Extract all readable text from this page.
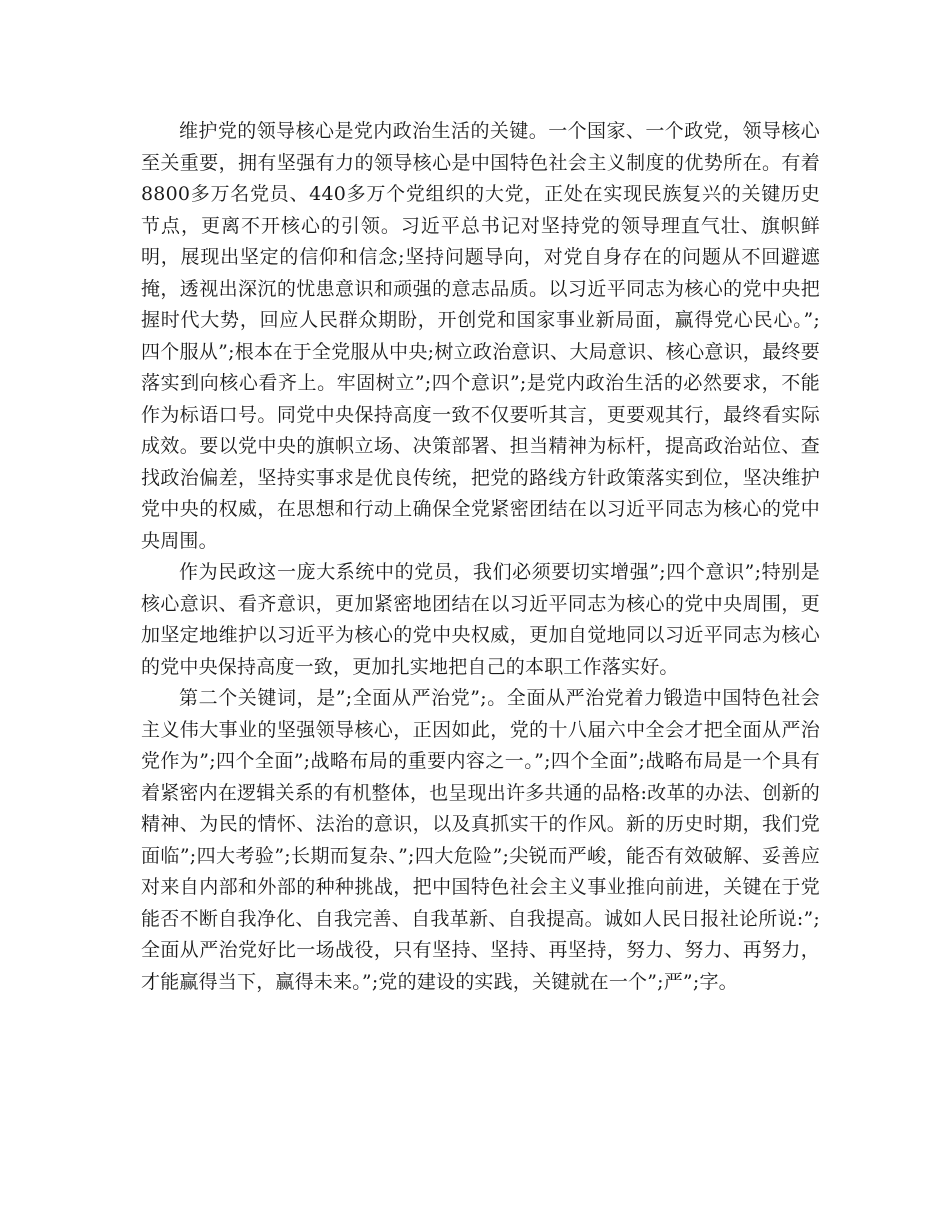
维护党的领导核心是党内政治生活的关键。一个国家、一个政党，领导核心至关重要，拥有坚强有力的领导核心是中国特色社会主义制度的优势所在。有着8800多万名党员、440多万个党组织的大党，正处在实现民族复兴的关键历史节点，更离不开核心的引领。习近平总书记对坚持党的领导理直气壮、旗帜鲜明，展现出坚定的信仰和信念;坚持问题导向，对党自身存在的问题从不回避遮掩，透视出深沉的忧患意识和顽强的意志品质。以习近平同志为核心的党中央把握时代大势，回应人民群众期盼，开创党和国家事业新局面，赢得党心民心。”;四个服从”;根本在于全党服从中央;树立政治意识、大局意识、核心意识，最终要落实到向核心看齐上。牢固树立”;四个意识”;是党内政治生活的必然要求，不能作为标语口号。同党中央保持高度一致不仅要听其言，更要观其行，最终看实际成效。要以党中央的旗帜立场、决策部署、担当精神为标杆，提高政治站位、查找政治偏差，坚持实事求是优良传统，把党的路线方针政策落实到位，坚决维护党中央的权威，在思想和行动上确保全党紧密团结在以习近平同志为核心的党中央周围。

作为民政这一庞大系统中的党员，我们必须要切实增强”;四个意识”;特别是核心意识、看齐意识，更加紧密地团结在以习近平同志为核心的党中央周围，更加坚定地维护以习近平为核心的党中央权威，更加自觉地同以习近平同志为核心的党中央保持高度一致，更加扎实地把自己的本职工作落实好。

第二个关键词，是”;全面从严治党”;。全面从严治党着力锻造中国特色社会主义伟大事业的坚强领导核心，正因如此，党的十八届六中全会才把全面从严治党作为”;四个全面”;战略布局的重要内容之一。”;四个全面”;战略布局是一个具有着紧密内在逻辑关系的有机整体，也呈现出许多共通的品格:改革的办法、创新的精神、为民的情怀、法治的意识，以及真抓实干的作风。新的历史时期，我们党面临”;四大考验”;长期而复杂、”;四大危险”;尖锐而严峻，能否有效破解、妥善应对来自内部和外部的种种挑战，把中国特色社会主义事业推向前进，关键在于党能否不断自我净化、自我完善、自我革新、自我提高。诚如人民日报社论所说:”;全面从严治党好比一场战役，只有坚持、坚持、再坚持，努力、努力、再努力，才能赢得当下，赢得未来。”;党的建设的实践，关键就在一个”;严”;字。
